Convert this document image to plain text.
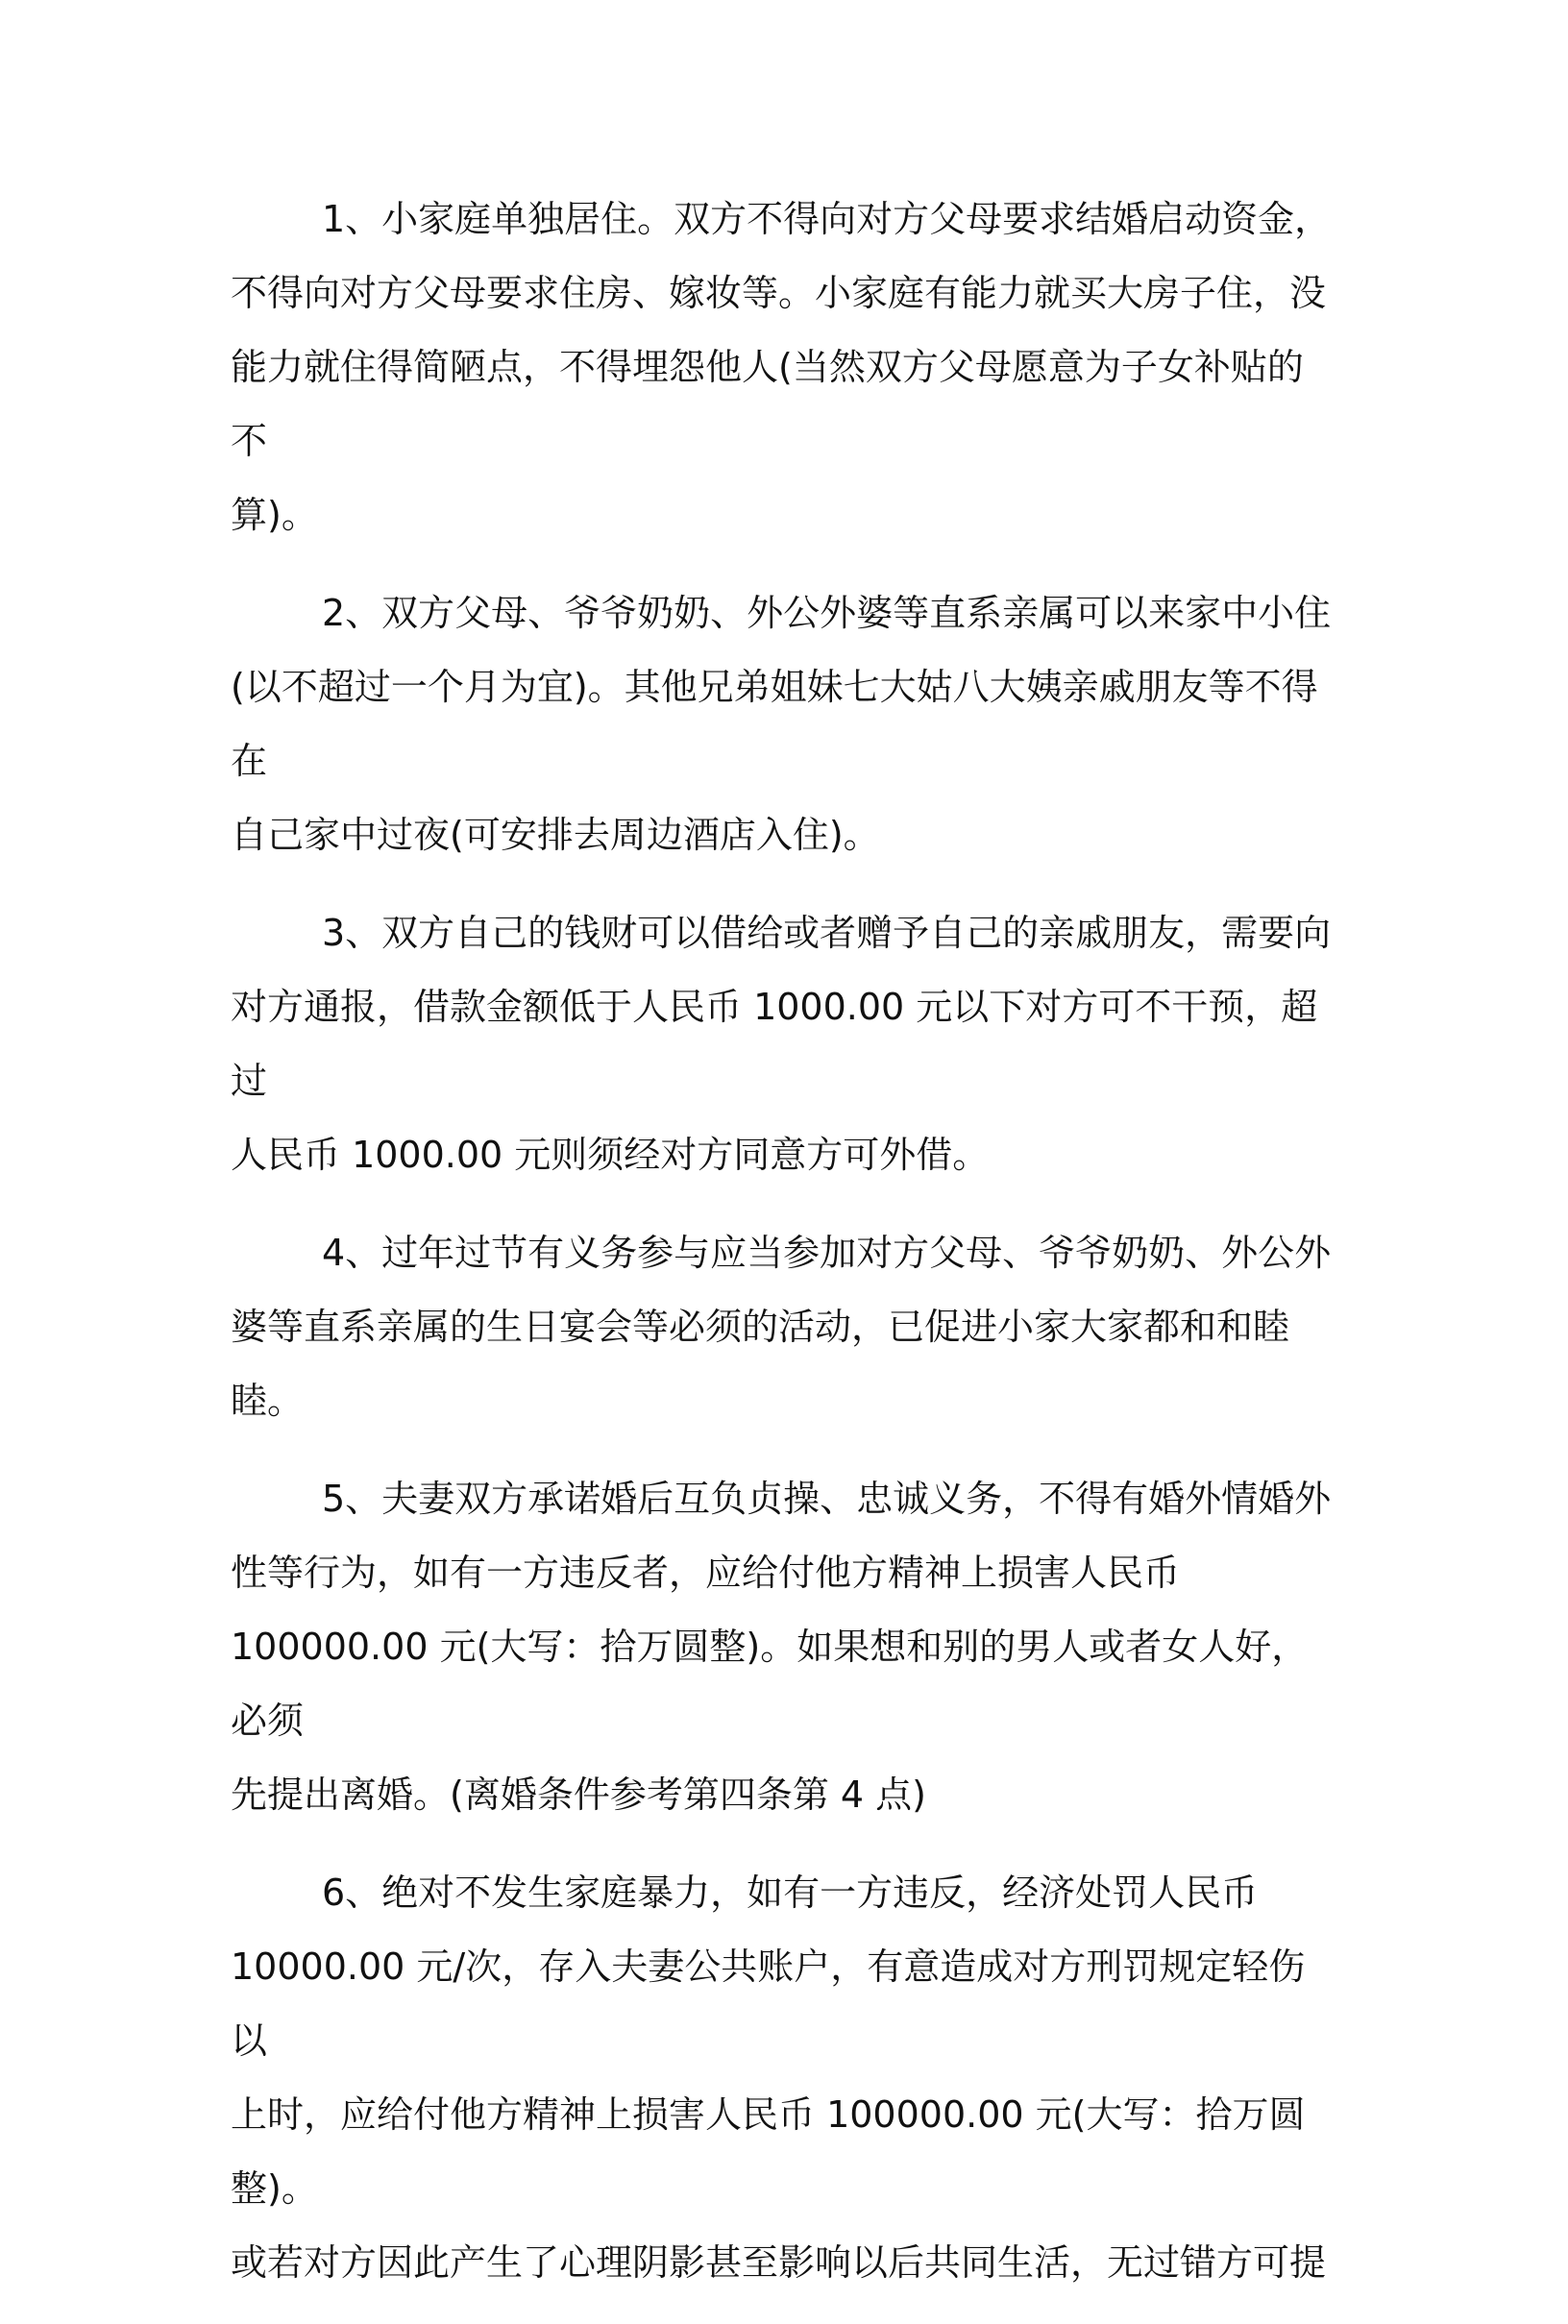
1、小家庭单独居住。双方不得向对方父母要求结婚启动资金，
不得向对方父母要求住房、嫁妆等。小家庭有能力就买大房子住，没
能力就住得简陋点，不得埋怨他人(当然双方父母愿意为子女补贴的不
算)。

2、双方父母、爷爷奶奶、外公外婆等直系亲属可以来家中小住
(以不超过一个月为宜)。其他兄弟姐妹七大姑八大姨亲戚朋友等不得在
自己家中过夜(可安排去周边酒店入住)。

3、双方自己的钱财可以借给或者赠予自己的亲戚朋友，需要向
对方通报，借款金额低于人民币 1000.00 元以下对方可不干预，超过
人民币 1000.00 元则须经对方同意方可外借。

4、过年过节有义务参与应当参加对方父母、爷爷奶奶、外公外
婆等直系亲属的生日宴会等必须的活动，已促进小家大家都和和睦睦。

5、夫妻双方承诺婚后互负贞操、忠诚义务，不得有婚外情婚外
性等行为，如有一方违反者，应给付他方精神上损害人民币
100000.00 元(大写：拾万圆整)。如果想和别的男人或者女人好，必须
先提出离婚。(离婚条件参考第四条第 4 点)

6、绝对不发生家庭暴力，如有一方违反，经济处罚人民币
10000.00 元/次，存入夫妻公共账户，有意造成对方刑罚规定轻伤以
上时，应给付他方精神上损害人民币 100000.00 元(大写：拾万圆整)。
或若对方因此产生了心理阴影甚至影响以后共同生活，无过错方可提
